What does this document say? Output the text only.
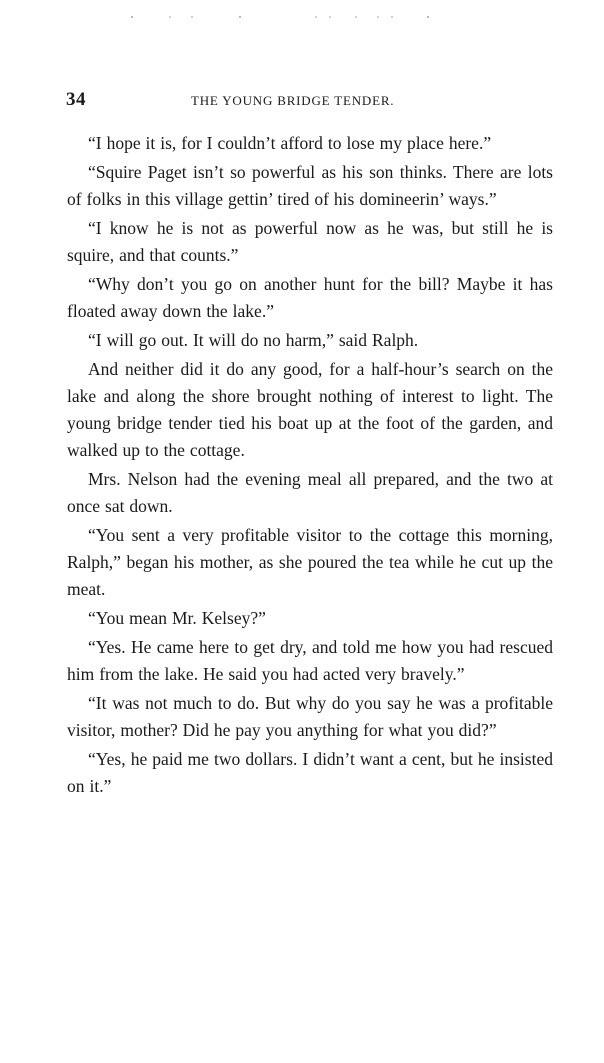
34	THE YOUNG BRIDGE TENDER.

“I hope it is, for I couldn’t afford to lose my place here.”

“Squire Paget isn’t so powerful as his son thinks. There are lots of folks in this village gettin’ tired of his domineerin’ ways.”

“I know he is not as powerful now as he was, but still he is squire, and that counts.”

“Why don’t you go on another hunt for the bill? Maybe it has floated away down the lake.”

“I will go out. It will do no harm,” said Ralph.

And neither did it do any good, for a half-hour’s search on the lake and along the shore brought nothing of interest to light. The young bridge tender tied his boat up at the foot of the garden, and walked up to the cottage.

Mrs. Nelson had the evening meal all prepared, and the two at once sat down.

“You sent a very profitable visitor to the cottage this morning, Ralph,” began his mother, as she poured the tea while he cut up the meat.

“You mean Mr. Kelsey?”

“Yes. He came here to get dry, and told me how you had rescued him from the lake. He said you had acted very bravely.”

“It was not much to do. But why do you say he was a profitable visitor, mother? Did he pay you anything for what you did?”

“Yes, he paid me two dollars. I didn’t want a cent, but he insisted on it.”
